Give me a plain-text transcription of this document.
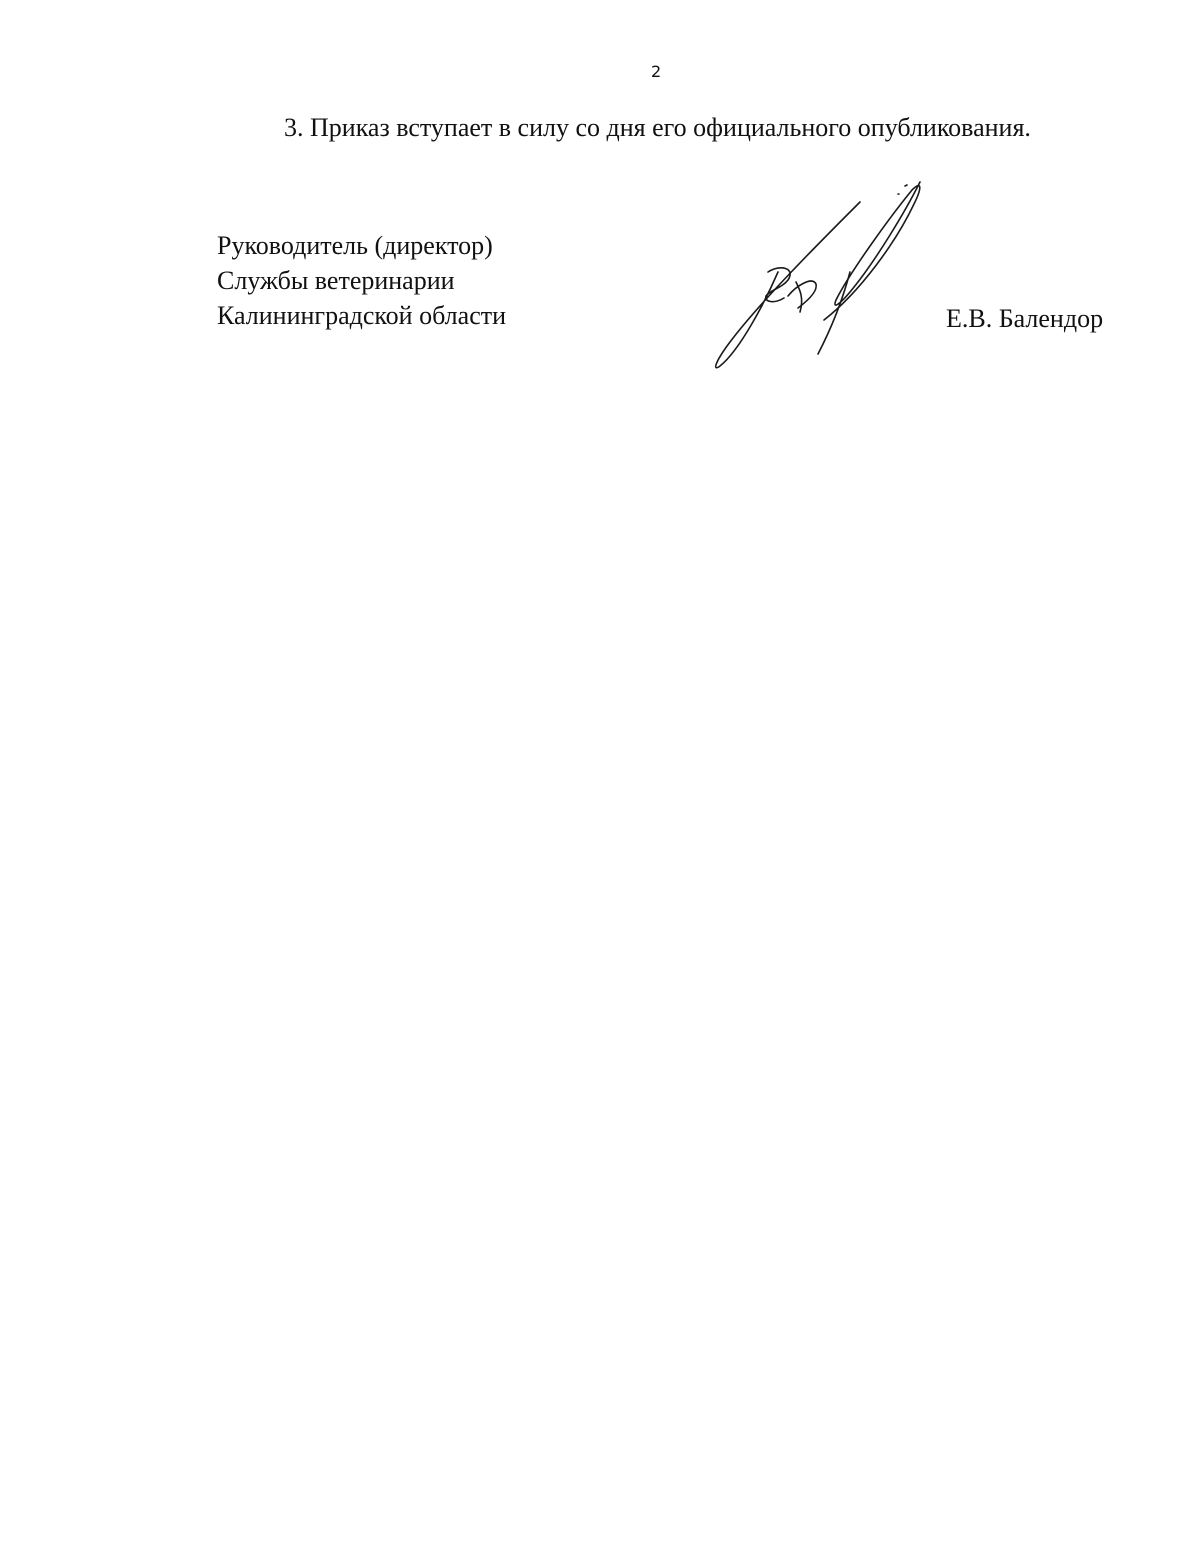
2
3. Приказ вступает в силу со дня его официального опубликования.
Руководитель (директор)
Службы ветеринарии
Калининградской области	Е.В. Балендор
